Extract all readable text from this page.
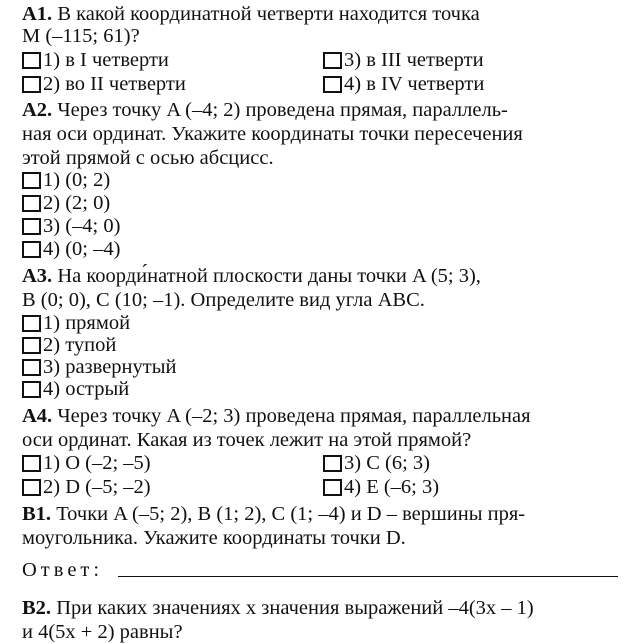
А1. В какой координатной четверти находится точка
M (–115; 61)?
1) в I четверти
2) во II четверти
3) в III четверти
4) в IV четверти
А2. Через точку A (–4; 2) проведена прямая, параллель-
ная оси ординат. Укажите координаты точки пересечения
этой прямой с осью абсцисс.
1) (0; 2)
2) (2; 0)
3) (–4; 0)
4) (0; –4)
А3. На коорди́натной плоскости даны точки A (5; 3),
B (0; 0), C (10; –1). Определите вид угла ABC.
1) прямой
2) тупой
3) развернутый
4) острый
А4. Через точку A (–2; 3) проведена прямая, параллельная
оси ординат. Какая из точек лежит на этой прямой?
1) O (–2; –5)
2) D (–5; –2)
3) C (6; 3)
4) E (–6; 3)
В1. Точки A (–5; 2), B (1; 2), C (1; –4) и D – вершины пря-
моугольника. Укажите координаты точки D.
Ответ:
В2. При каких значениях x значения выражений –4(3x – 1)
и 4(5x + 2) равны?
